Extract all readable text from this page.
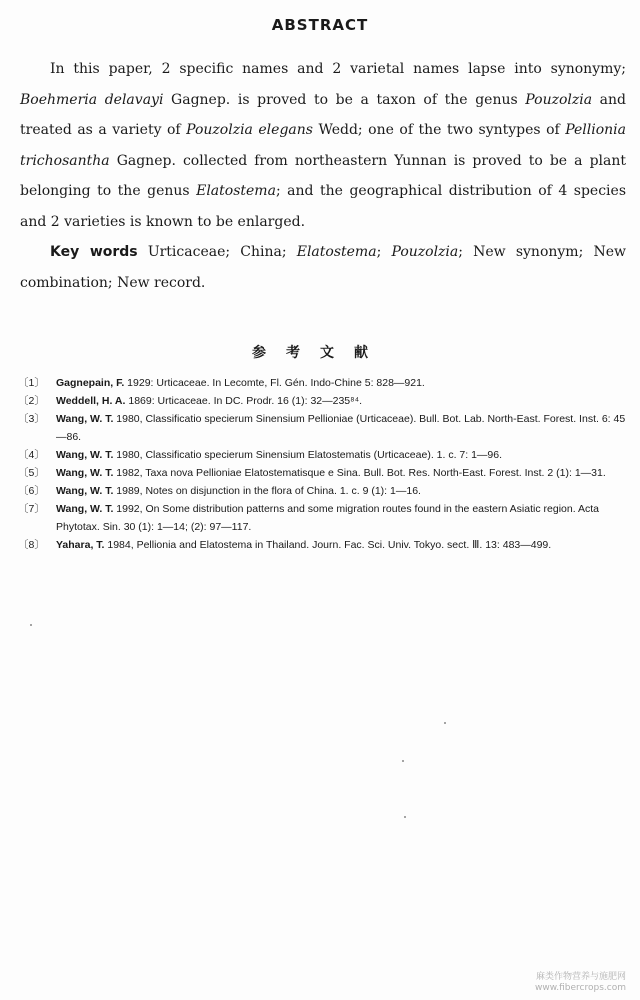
ABSTRACT

In this paper, 2 specific names and 2 varietal names lapse into synonymy; Boehmeria delavayi Gagnep. is proved to be a taxon of the genus Pouzolzia and treated as a variety of Pouzolzia elegans Wedd; one of the two syntypes of Pellionia trichosantha Gagnep. collected from northeastern Yunnan is proved to be a plant belonging to the genus Elatostema; and the geographical distribution of 4 species and 2 varieties is known to be enlarged.

Key words Urticaceae; China; Elatostema; Pouzolzia; New synonym; New combination; New record.

参考文献
〔1〕 Gagnepain, F. 1929: Urticaceae. In Lecomte, Fl. Gén. Indo-Chine 5: 828—921.
〔2〕 Weddell, H. A. 1869: Urticaceae. In DC. Prodr. 16 (1): 32—235⁸⁴.
〔3〕 Wang, W. T. 1980, Classificatio specierum Sinensium Pellioniae (Urticaceae). Bull. Bot. Lab. North-East. Forest. Inst. 6: 45—86.
〔4〕 Wang, W. T. 1980, Classificatio specierum Sinensium Elatostematis (Urticaceae). 1. c. 7: 1—96.
〔5〕 Wang, W. T. 1982, Taxa nova Pellioniae Elatostematisque e Sina. Bull. Bot. Res. North-East. Forest. Inst. 2 (1): 1—31.
〔6〕 Wang, W. T. 1989, Notes on disjunction in the flora of China. 1. c. 9 (1): 1—16.
〔7〕 Wang, W. T. 1992, On Some distribution patterns and some migration routes found in the eastern Asiatic region. Acta Phytotax. Sin. 30 (1): 1—14; (2): 97—117.
〔8〕 Yahara, T. 1984, Pellionia and Elatostema in Thailand. Journ. Fac. Sci. Univ. Tokyo. sect. Ⅲ. 13: 483—499.
麻类作物营养与施肥网
www.fibercrops.com
